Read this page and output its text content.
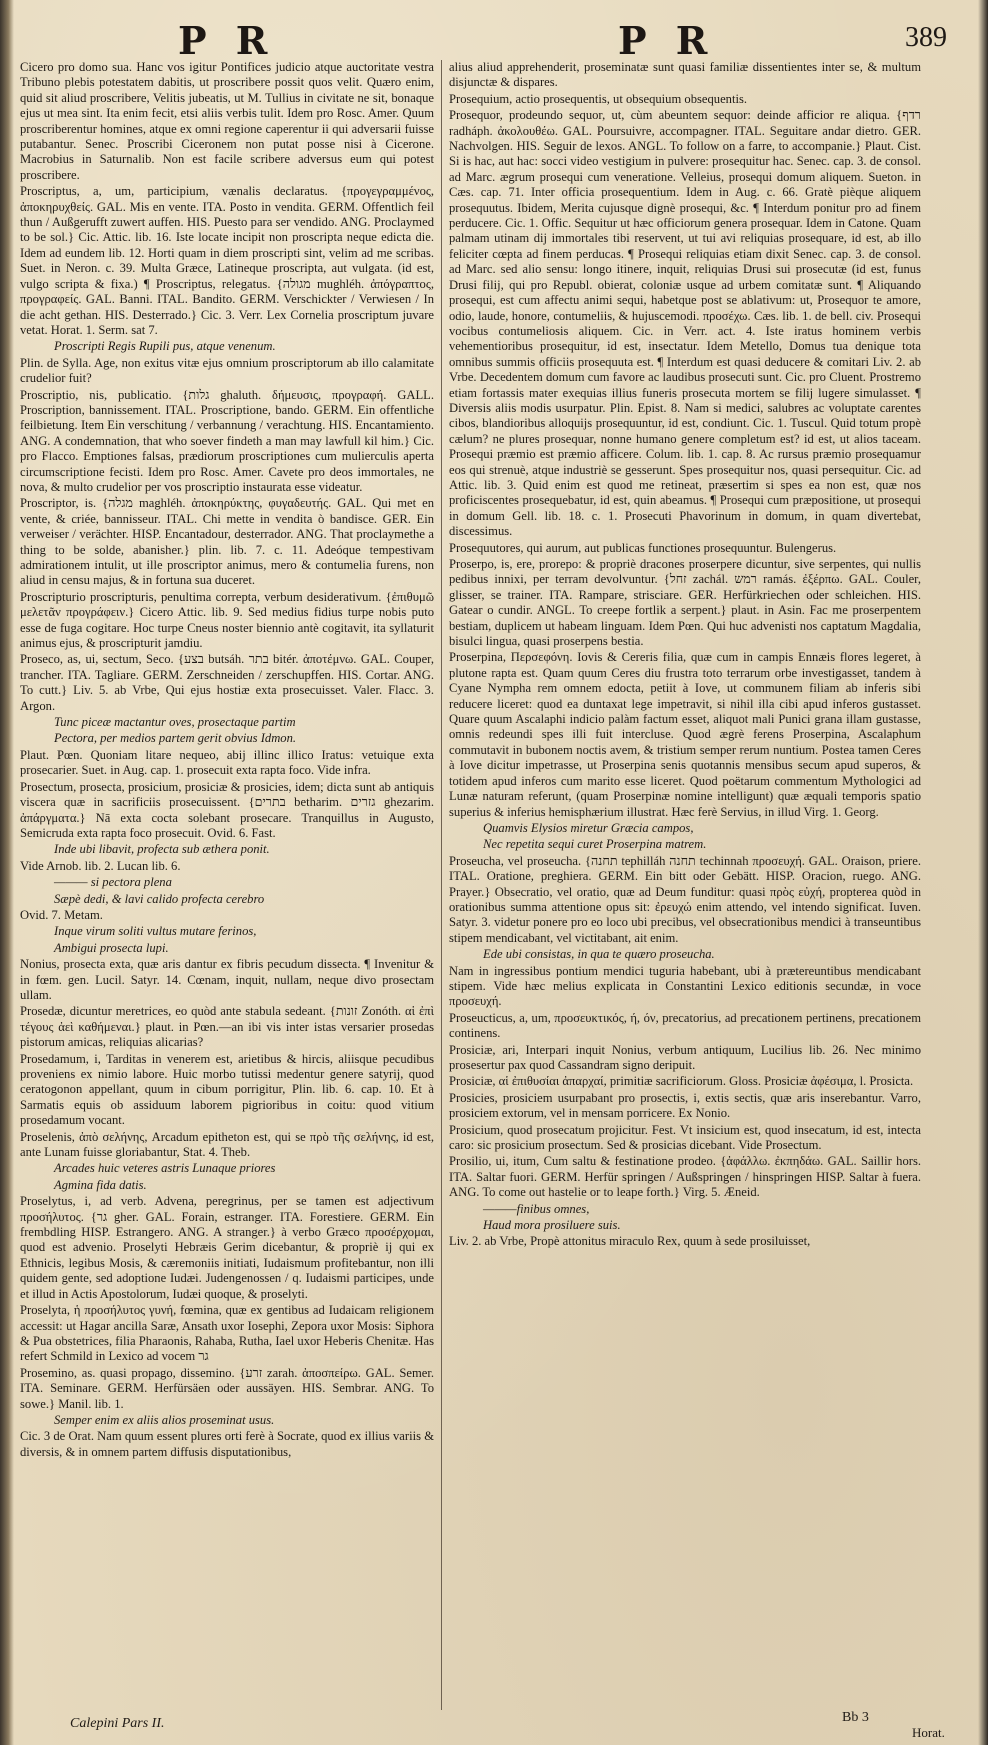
P R	P R	389

Cicero pro domo sua. Hanc vos igitur Pontifices judicio atque auctoritate vestra Tribuno plebis potestatem dabitis, ut proscribere possit quos velit. Quæro enim, quid sit aliud proscribere, Velitis jubeatis, ut M. Tullius in civitate ne sit, bonaque ejus ut mea sint. Ita enim fecit, etsi aliis verbis tulit. Idem pro Rosc. Amer. Quum proscriberentur homines, atque ex omni regione caperentur ii qui adversarii fuisse putabantur. Senec. Proscribi Ciceronem non putat posse nisi à Cicerone. Macrobius in Saturnalib. Non est facile scribere adversus eum qui potest proscribere.

Proscriptus, a, um, participium, vænalis declaratus. {προγεγραμμένος, ἀποκηρυχθείς. GAL. Mis en vente. ITA. Posto in vendita. GERM. Offentlich feil thun / Außgerufft zuwert auffen. HIS. Puesto para ser vendido. ANG. Proclaymed to be sol.} Cic. Attic. lib. 16. Iste locate incipit non proscripta neque edicta die. Idem ad eundem lib. 12. Horti quam in diem proscripti sint, velim ad me scribas. Suet. in Neron. c. 39. Multa Græce, Latineque proscripta, aut vulgata. (id est, vulgo scripta & fixa.) ¶ Proscriptus, relegatus. {מגולה mughléh. ἀπόγραπτος, προγραφείς. GAL. Banni. ITAL. Bandito. GERM. Verschickter / Verwiesen / In die acht gethan. HIS. Desterrado.} Cic. 3. Verr. Lex Cornelia proscriptum juvare vetat. Horat. 1. Serm. sat 7.

Proscripti Regis Rupili pus, atque venenum.

Plin. de Sylla. Age, non exitus vitæ ejus omnium proscriptorum ab illo calamitate crudelior fuit?

Proscriptio, nis, publicatio. {גלות ghaluth. δήμευσις, προγραφή. GALL. Proscription, bannissement. ITAL. Proscriptione, bando. GERM. Ein offentliche feilbietung. Item Ein verschitung / verbannung / verachtung. HIS. Encantamiento. ANG. A condemnation, that who soever findeth a man may lawfull kil him.} Cic. pro Flacco. Emptiones falsas, prædiorum proscriptiones cum mulierculis aperta circumscriptione fecisti. Idem pro Rosc. Amer. Cavete pro deos immortales, ne nova, & multo crudelior per vos proscriptio instaurata esse videatur.

Proscriptor, is. {מגלה maghléh. ἀποκηρύκτης, φυγαδευτής. GAL. Qui met en vente, & criée, bannisseur. ITAL. Chi mette in vendita ò bandisce. GER. Ein verweiser / verächter. HISP. Encantadour, desterrador. ANG. That proclaymethe a thing to be solde, abanisher.} plin. lib. 7. c. 11. Adeóque tempestivam admirationem intulit, ut ille proscriptor animus, mero & contumelia furens, non aliud in censu majus, & in fortuna sua duceret.

Proscripturio proscripturis, penultima correpta, verbum desiderativum. {ἐπιθυμῶ μελετᾶν προγράφειν.} Cicero Attic. lib. 9. Sed medius fidius turpe nobis puto esse de fuga cogitare. Hoc turpe Cneus noster biennio antè cogitavit, ita syllaturit animus ejus, & proscripturit jamdiu.

Proseco, as, ui, sectum, Seco. {בצע butsáh. בתר bitér. ἀποτέμνω. GAL. Couper, trancher. ITA. Tagliare. GERM. Zerschneiden / zerschupffen. HIS. Cortar. ANG. To cutt.} Liv. 5. ab Vrbe, Qui ejus hostiæ exta prosecuisset. Valer. Flacc. 3. Argon.

Tunc piceæ mactantur oves, prosectaque partim

Pectora, per medios partem gerit obvius Idmon.

Plaut. Pœn. Quoniam litare nequeo, abij illinc illico Iratus: vetuique exta prosecarier. Suet. in Aug. cap. 1. prosecuit exta rapta foco. Vide infra.

Prosectum, prosecta, prosicium, prosiciæ & prosicies, idem; dicta sunt ab antiquis viscera quæ in sacrificiis prosecuissent. {בתרים betharim. גזרים ghezarim. ἀπάργματα.} Nā exta cocta solebant prosecare. Tranquillus in Augusto, Semicruda exta rapta foco prosecuit. Ovid. 6. Fast.

Inde ubi libavit, profecta sub æthera ponit.

Vide Arnob. lib. 2. Lucan lib. 6.

——— si pectora plena

Sæpè dedi, & lavi calido profecta cerebro

Ovid. 7. Metam.

Inque virum soliti vultus mutare ferinos,

Ambigui prosecta lupi.

Nonius, prosecta exta, quæ aris dantur ex fibris pecudum dissecta. ¶ Invenitur & in fœm. gen. Lucil. Satyr. 14. Cœnam, inquit, nullam, neque divo prosectam ullam.

Prosedæ, dicuntur meretrices, eo quòd ante stabula sedeant. {זונות Zonóth. αἱ ἐπὶ τέγους ἀεὶ καθήμεναι.} plaut. in Pœn.—an ibi vis inter istas versarier prosedas pistorum amicas, reliquias alicarias?

Prosedamum, i, Tarditas in venerem est, arietibus & hircis, aliisque pecudibus proveniens ex nimio labore. Huic morbo tutissi medentur genere satyrij, quod ceratogonon appellant, quum in cibum porrigitur, Plin. lib. 6. cap. 10. Et à Sarmatis equis ob assiduum laborem pigrioribus in coitu: quod vitium prosedamum vocant.

Proselenis, ἀπὸ σελήνης, Arcadum epitheton est, qui se πρὸ τῆς σελήνης, id est, ante Lunam fuisse gloriabantur, Stat. 4. Theb.

Arcades huic veteres astris Lunaque priores

Agmina fida datis.

Proselytus, i, ad verb. Advena, peregrinus, per se tamen est adjectivum προσήλυτος. {גר gher. GAL. Forain, estranger. ITA. Forestiere. GERM. Ein frembdling HISP. Estrangero. ANG. A stranger.} à verbo Græco προσέρχομαι, quod est advenio. Proselyti Hebræis Gerim dicebantur, & propriè ij qui ex Ethnicis, legibus Mosis, & cæremoniis initiati, Iudaismum profitebantur, non illi quidem gente, sed adoptione Iudæi. Judengenossen / q. Iudaismi participes, unde et illud in Actis Apostolorum, Iudæi quoque, & proselyti.

Proselyta, ἡ προσήλυτος γυνή, fœmina, quæ ex gentibus ad Iudaicam religionem accessit: ut Hagar ancilla Saræ, Ansath uxor Iosephi, Zepora uxor Mosis: Siphora & Pua obstetrices, filia Pharaonis, Rahaba, Rutha, Iael uxor Heberis Chenitæ. Has refert Schmild in Lexico ad vocem גר

Prosemino, as. quasi propago, dissemino. {זרע zarah. ἀποσπείρω. GAL. Semer. ITA. Seminare. GERM. Herfürsäen oder aussäyen. HIS. Sembrar. ANG. To sowe.} Manil. lib. 1.

Semper enim ex aliis alios proseminat usus.

Cic. 3 de Orat. Nam quum essent plures orti ferè à Socrate, quod ex illius variis & diversis, & in omnem partem diffusis disputationibus,

alius aliud apprehenderit, proseminatæ sunt quasi familiæ dissentientes inter se, & multum disjunctæ & dispares.

Prosequium, actio prosequentis, ut obsequium obsequentis.

Prosequor, prodeundo sequor, ut, cùm abeuntem sequor: deinde afficior re aliqua. {רדף radháph. ἀκολουθέω. GAL. Poursuivre, accompagner. ITAL. Seguitare andar dietro. GER. Nachvolgen. HIS. Seguir de lexos. ANGL. To follow on a farre, to accompanie.} Plaut. Cist. Si is hac, aut hac: socci video vestigium in pulvere: prosequitur hac. Senec. cap. 3. de consol. ad Marc. ægrum prosequi cum veneratione. Velleius, prosequi domum aliquem. Sueton. in Cæs. cap. 71. Inter officia prosequentium. Idem in Aug. c. 66. Gratè pièque aliquem prosequutus. Ibidem, Merita cujusque dignè prosequi, &c. ¶ Interdum ponitur pro ad finem perducere. Cic. 1. Offic. Sequitur ut hæc officiorum genera prosequar. Idem in Catone. Quam palmam utinam dij immortales tibi reservent, ut tui avi reliquias prosequare, id est, ab illo feliciter cœpta ad finem perducas. ¶ Prosequi reliquias etiam dixit Senec. cap. 3. de consol. ad Marc. sed alio sensu: longo itinere, inquit, reliquias Drusi sui prosecutæ (id est, funus Drusi filij, qui pro Republ. obierat, coloniæ usque ad urbem comitatæ sunt. ¶ Aliquando prosequi, est cum affectu animi sequi, habetque post se ablativum: ut, Prosequor te amore, odio, laude, honore, contumeliis, & hujuscemodi. προσέχω. Cæs. lib. 1. de bell. civ. Prosequi vocibus contumeliosis aliquem. Cic. in Verr. act. 4. Iste iratus hominem verbis vehementioribus prosequitur, id est, insectatur. Idem Metello, Domus tua denique tota omnibus summis officiis prosequuta est. ¶ Interdum est quasi deducere & comitari Liv. 2. ab Vrbe. Decedentem domum cum favore ac laudibus prosecuti sunt. Cic. pro Cluent. Prostremo etiam fortassis mater exequias illius funeris prosecuta mortem se filij lugere simulasset. ¶ Diversis aliis modis usurpatur. Plin. Epist. 8. Nam si medici, salubres ac voluptate carentes cibos, blandioribus alloquijs prosequuntur, id est, condiunt. Cic. 1. Tuscul. Quid totum propè cælum? ne plures prosequar, nonne humano genere completum est? id est, ut alios taceam. Prosequi præmio est præmio afficere. Colum. lib. 1. cap. 8. Ac rursus præmio prosequamur eos qui strenuè, atque industriè se gesserunt. Spes prosequitur nos, quasi persequitur. Cic. ad Attic. lib. 3. Quid enim est quod me retineat, præsertim si spes ea non est, quæ nos proficiscentes prosequebatur, id est, quin abeamus. ¶ Prosequi cum præpositione, ut prosequi in domum Gell. lib. 18. c. 1. Prosecuti Phavorinum in domum, in quam divertebat, discessimus.

Prosequutores, qui aurum, aut publicas functiones prosequuntur. Bulengerus.

Proserpo, is, ere, prorepo: & propriè dracones proserpere dicuntur, sive serpentes, qui nullis pedibus innixi, per terram devolvuntur. {זחל zachál. רמש ramás. ἐξέρπω. GAL. Couler, glisser, se trainer. ITA. Rampare, strisciare. GER. Herfürkriechen oder schleichen. HIS. Gatear o cundir. ANGL. To creepe fortlik a serpent.} plaut. in Asin. Fac me proserpentem bestiam, duplicem ut habeam linguam. Idem Pœn. Qui huc advenisti nos captatum Magdalia, bisulci lingua, quasi proserpens bestia.

Proserpina, Περσεφόνη. Iovis & Cereris filia, quæ cum in campis Ennæis flores legeret, à plutone rapta est. Quam quum Ceres diu frustra toto terrarum orbe investigasset, tandem à Cyane Nympha rem omnem edocta, petiit à Iove, ut communem filiam ab inferis sibi reducere liceret: quod ea duntaxat lege impetravit, si nihil illa cibi apud inferos gustasset. Quare quum Ascalaphi indicio palàm factum esset, aliquot mali Punici grana illam gustasse, omnis redeundi spes illi fuit intercluse. Quod ægrè ferens Proserpina, Ascalaphum commutavit in bubonem noctis avem, & tristium semper rerum nuntium. Postea tamen Ceres à Iove dicitur impetrasse, ut Proserpina senis quotannis mensibus secum apud superos, & totidem apud inferos cum marito esse liceret. Quod poëtarum commentum Mythologici ad Lunæ naturam referunt, (quam Proserpinæ nomine intelligunt) quæ æquali temporis spatio superius & inferius hemisphærium illustrat. Hæc ferè Servius, in illud Virg. 1. Georg.

Quamvis Elysios miretur Græcia campos,

Nec repetita sequi curet Proserpina matrem.

Proseucha, vel proseucha. {תחנה tephilláh תחנה techinnah προσευχή. GAL. Oraison, priere. ITAL. Oratione, preghiera. GERM. Ein bitt oder Gebätt. HISP. Oracion, ruego. ANG. Prayer.} Obsecratio, vel oratio, quæ ad Deum funditur: quasi πρὸς εὐχή, propterea quòd in orationibus summa attentione opus sit: ἐρευχώ enim attendo, vel intendo significat. Iuven. Satyr. 3. videtur ponere pro eo loco ubi precibus, vel obsecrationibus mendici à transeuntibus stipem mendicabant, vel victitabant, ait enim.

Ede ubi consistas, in qua te quæro proseucha.

Nam in ingressibus pontium mendici tuguria habebant, ubi à prætereuntibus mendicabant stipem. Vide hæc melius explicata in Constantini Lexico editionis secundæ, in voce προσευχή.

Proseucticus, a, um, προσευκτικός, ή, όν, precatorius, ad precationem pertinens, precationem continens.

Prosiciæ, ari, Interpari inquit Nonius, verbum antiquum, Lucilius lib. 26. Nec minimo prosesertur pax quod Cassandram signo deripuit.

Prosiciæ, αἱ ἐπιθυσίαι ἀπαρχαί, primitiæ sacrificiorum. Gloss. Prosiciæ ἀφέσιμα, l. Prosicta.

Prosicies, prosiciem usurpabant pro prosectis, i, extis sectis, quæ aris inserebantur. Varro, prosiciem extorum, vel in mensam porricere. Ex Nonio.

Prosicium, quod prosecatum projicitur. Fest. Vt insicium est, quod insecatum, id est, intecta caro: sic prosicium prosectum. Sed & prosicias dicebant. Vide Prosectum.

Prosilio, ui, itum, Cum saltu & festinatione prodeo. {ἀφάλλω. ἐκπηδάω. GAL. Saillir hors. ITA. Saltar fuori. GERM. Herfür springen / Außspringen / hinspringen HISP. Saltar à fuera. ANG. To come out hastelie or to leape forth.} Virg. 5. Æneid.

———finibus omnes,

Haud mora prosiluere suis.

Liv. 2. ab Vrbe, Propè attonitus miraculo Rex, quum à sede prosiluisset,

Calepini Pars II.	Bb 3
Horat.
